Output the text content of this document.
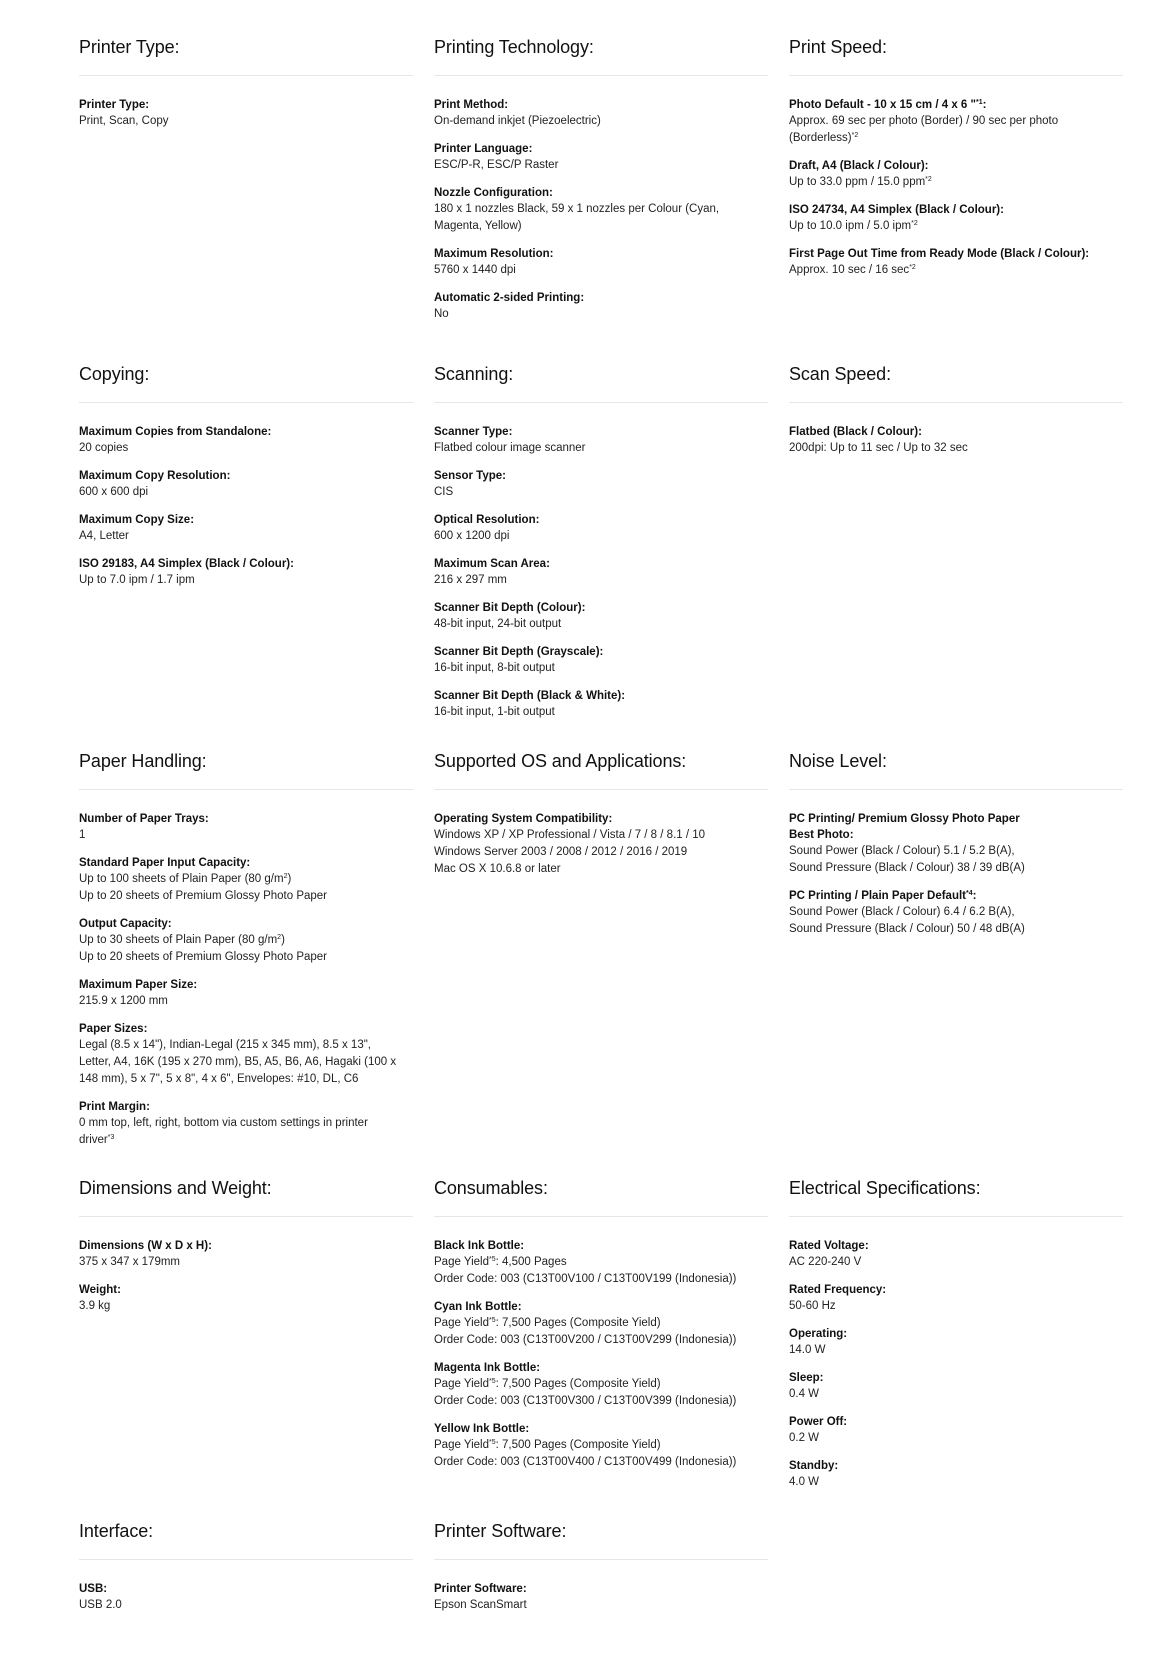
Printer Type:
Printer Type:
Print, Scan, Copy
Printing Technology:
Print Method:
On-demand inkjet (Piezoelectric)
Printer Language:
ESC/P-R, ESC/P Raster
Nozzle Configuration:
180 x 1 nozzles Black, 59 x 1 nozzles per Colour (Cyan,
Magenta, Yellow)
Maximum Resolution:
5760 x 1440 dpi
Automatic 2-sided Printing:
No
Print Speed:
Photo Default - 10 x 15 cm / 4 x 6 "$^{*1}$:
Approx. 69 sec per photo (Border) / 90 sec per photo
(Borderless)$^{*2}$
Draft, A4 (Black / Colour):
Up to 33.0 ppm / 15.0 ppm$^{*2}$
ISO 24734, A4 Simplex (Black / Colour):
Up to 10.0 ipm / 5.0 ipm$^{*2}$
First Page Out Time from Ready Mode (Black / Colour):
Approx. 10 sec / 16 $\sec^{*2}$
Copying:
Maximum Copies from Standalone:
20 copies
Maximum Copy Resolution:
600 x 600 dpi
Maximum Copy Size:
A4, Letter
ISO 29183, A4 Simplex (Black / Colour):
Up to 7.0 ipm / 1.7 ipm
Scanning:
Scanner Type:
Flatbed colour image scanner
Sensor Type:
CIS
Optical Resolution:
600 x 1200 dpi
Maximum Scan Area:
216 x 297 mm
Scanner Bit Depth (Colour):
48-bit input, 24-bit output
Scanner Bit Depth (Grayscale):
16-bit input, 8-bit output
Scanner Bit Depth (Black & White):
16-bit input, 1-bit output
Scan Speed:
Flatbed (Black / Colour):
200dpi: Up to 11 sec / Up to 32 sec
Paper Handling:
Number of Paper Trays:
1
Standard Paper Input Capacity:
Up to 100 sheets of Plain Paper (80 $g/m^2$)
Up to 20 sheets of Premium Glossy Photo Paper
Output Capacity:
Up to 30 sheets of Plain Paper (80 $g/m^2$)
Up to 20 sheets of Premium Glossy Photo Paper
Maximum Paper Size:
215.9 x 1200 mm
Paper Sizes:
Legal (8.5 x 14"), Indian-Legal (215 x 345 mm), 8.5 x 13",
Letter, A4, 16K (195 x 270 mm), B5, A5, B6, A6, Hagaki (100 x
148 mm), 5 x 7", 5 x 8", 4 x 6", Envelopes: #10, DL, C6
Print Margin:
0 mm top, left, right, bottom via custom settings in printer
driver$^{*3}$
Supported OS and Applications:
Operating System Compatibility:
Windows XP / XP Professional / Vista / 7 / 8 / 8.1 / 10
Windows Server 2003 / 2008 / 2012 / 2016 / 2019
Mac OS X 10.6.8 or later
Noise Level:
PC Printing/ Premium Glossy Photo Paper
Best Photo:
Sound Power (Black / Colour) 5.1 / 5.2 B(A),
Sound Pressure (Black / Colour) 38 / 39 dB(A)
PC Printing / Plain Paper Default$^{*4}$:
Sound Power (Black / Colour) 6.4 / 6.2 B(A),
Sound Pressure (Black / Colour) 50 / 48 dB(A)
Dimensions and Weight:
Dimensions (W x D x H):
375 x 347 x 179mm
Weight:
3.9 kg
Consumables:
Black Ink Bottle:
Page Yield$^{*5}$: 4,500 Pages
Order Code: 003 (C13T00V100 / C13T00V199 (Indonesia))
Cyan Ink Bottle:
Page Yield$^{*5}$: 7,500 Pages (Composite Yield)
Order Code: 003 (C13T00V200 / C13T00V299 (Indonesia))
Magenta Ink Bottle:
Page Yield$^{*5}$: 7,500 Pages (Composite Yield)
Order Code: 003 (C13T00V300 / C13T00V399 (Indonesia))
Yellow Ink Bottle:
Page Yield$^{*5}$: 7,500 Pages (Composite Yield)
Order Code: 003 (C13T00V400 / C13T00V499 (Indonesia))
Electrical Specifications:
Rated Voltage:
AC 220-240 V
Rated Frequency:
50-60 Hz
Operating:
14.0 W
Sleep:
0.4 W
Power Off:
0.2 W
Standby:
4.0 W
Interface:
USB:
USB 2.0
Printer Software:
Printer Software:
Epson ScanSmart
